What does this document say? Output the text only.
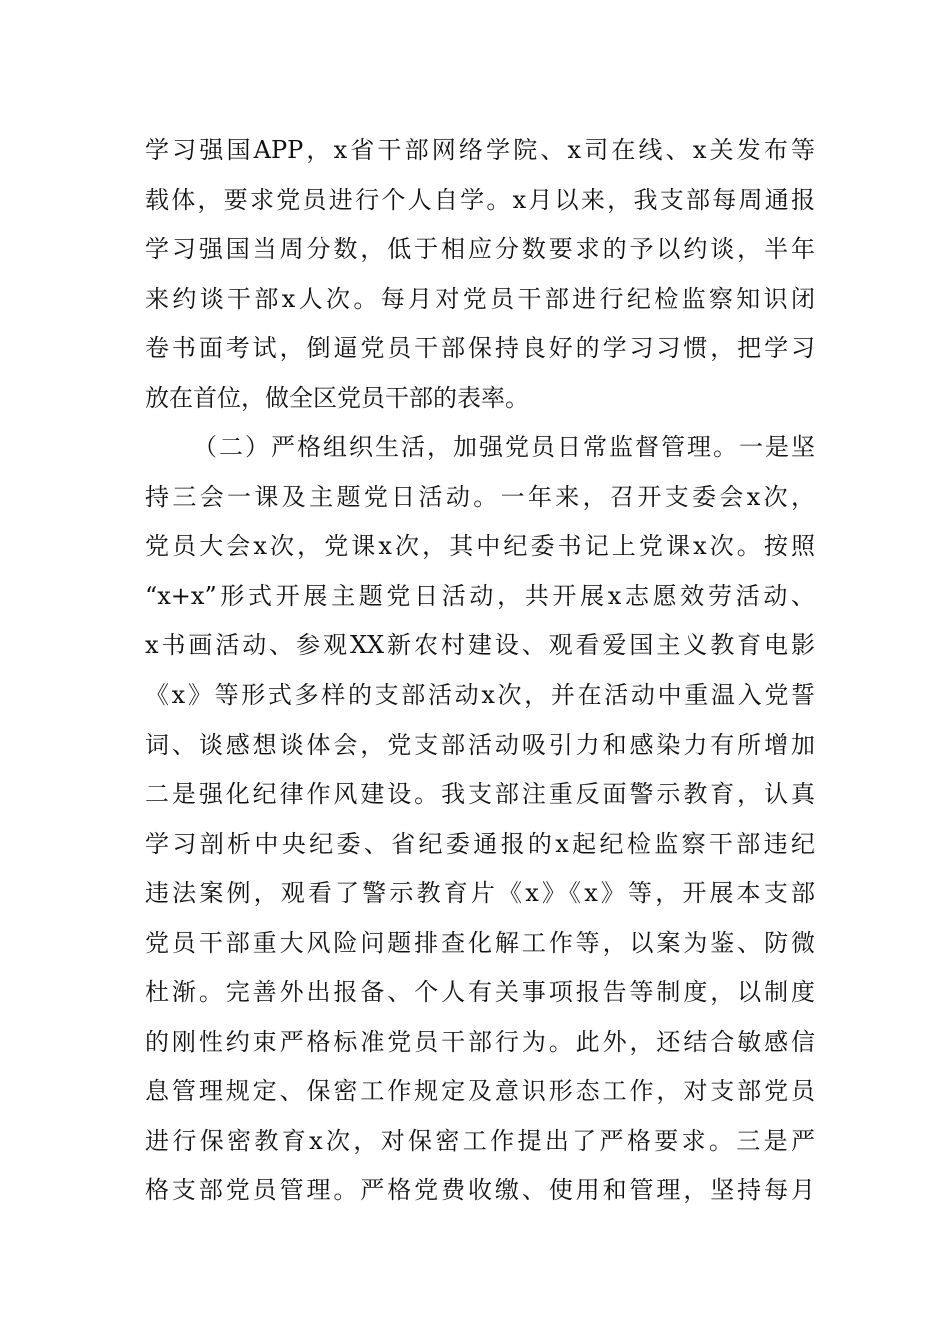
学习强国APP，x省干部网络学院、x司在线、x关发布等
载体，要求党员进行个人自学。x月以来，我支部每周通报
学习强国当周分数，低于相应分数要求的予以约谈，半年
来约谈干部x人次。每月对党员干部进行纪检监察知识闭
卷书面考试，倒逼党员干部保持良好的学习习惯，把学习
放在首位，做全区党员干部的表率。
（二）严格组织生活，加强党员日常监督管理。一是坚
持三会一课及主题党日活动。一年来，召开支委会x次，
党员大会x次，党课x次，其中纪委书记上党课x次。按照
“x+x”形式开展主题党日活动，共开展x志愿效劳活动、
x书画活动、参观XX新农村建设、观看爱国主义教育电影
《x》等形式多样的支部活动x次，并在活动中重温入党誓
词、谈感想谈体会，党支部活动吸引力和感染力有所增加
二是强化纪律作风建设。我支部注重反面警示教育，认真
学习剖析中央纪委、省纪委通报的x起纪检监察干部违纪
违法案例，观看了警示教育片《x》《x》等，开展本支部
党员干部重大风险问题排查化解工作等，以案为鉴、防微
杜渐。完善外出报备、个人有关事项报告等制度，以制度
的刚性约束严格标准党员干部行为。此外，还结合敏感信
息管理规定、保密工作规定及意识形态工作，对支部党员
进行保密教育x次，对保密工作提出了严格要求。三是严
格支部党员管理。严格党费收缴、使用和管理，坚持每月
